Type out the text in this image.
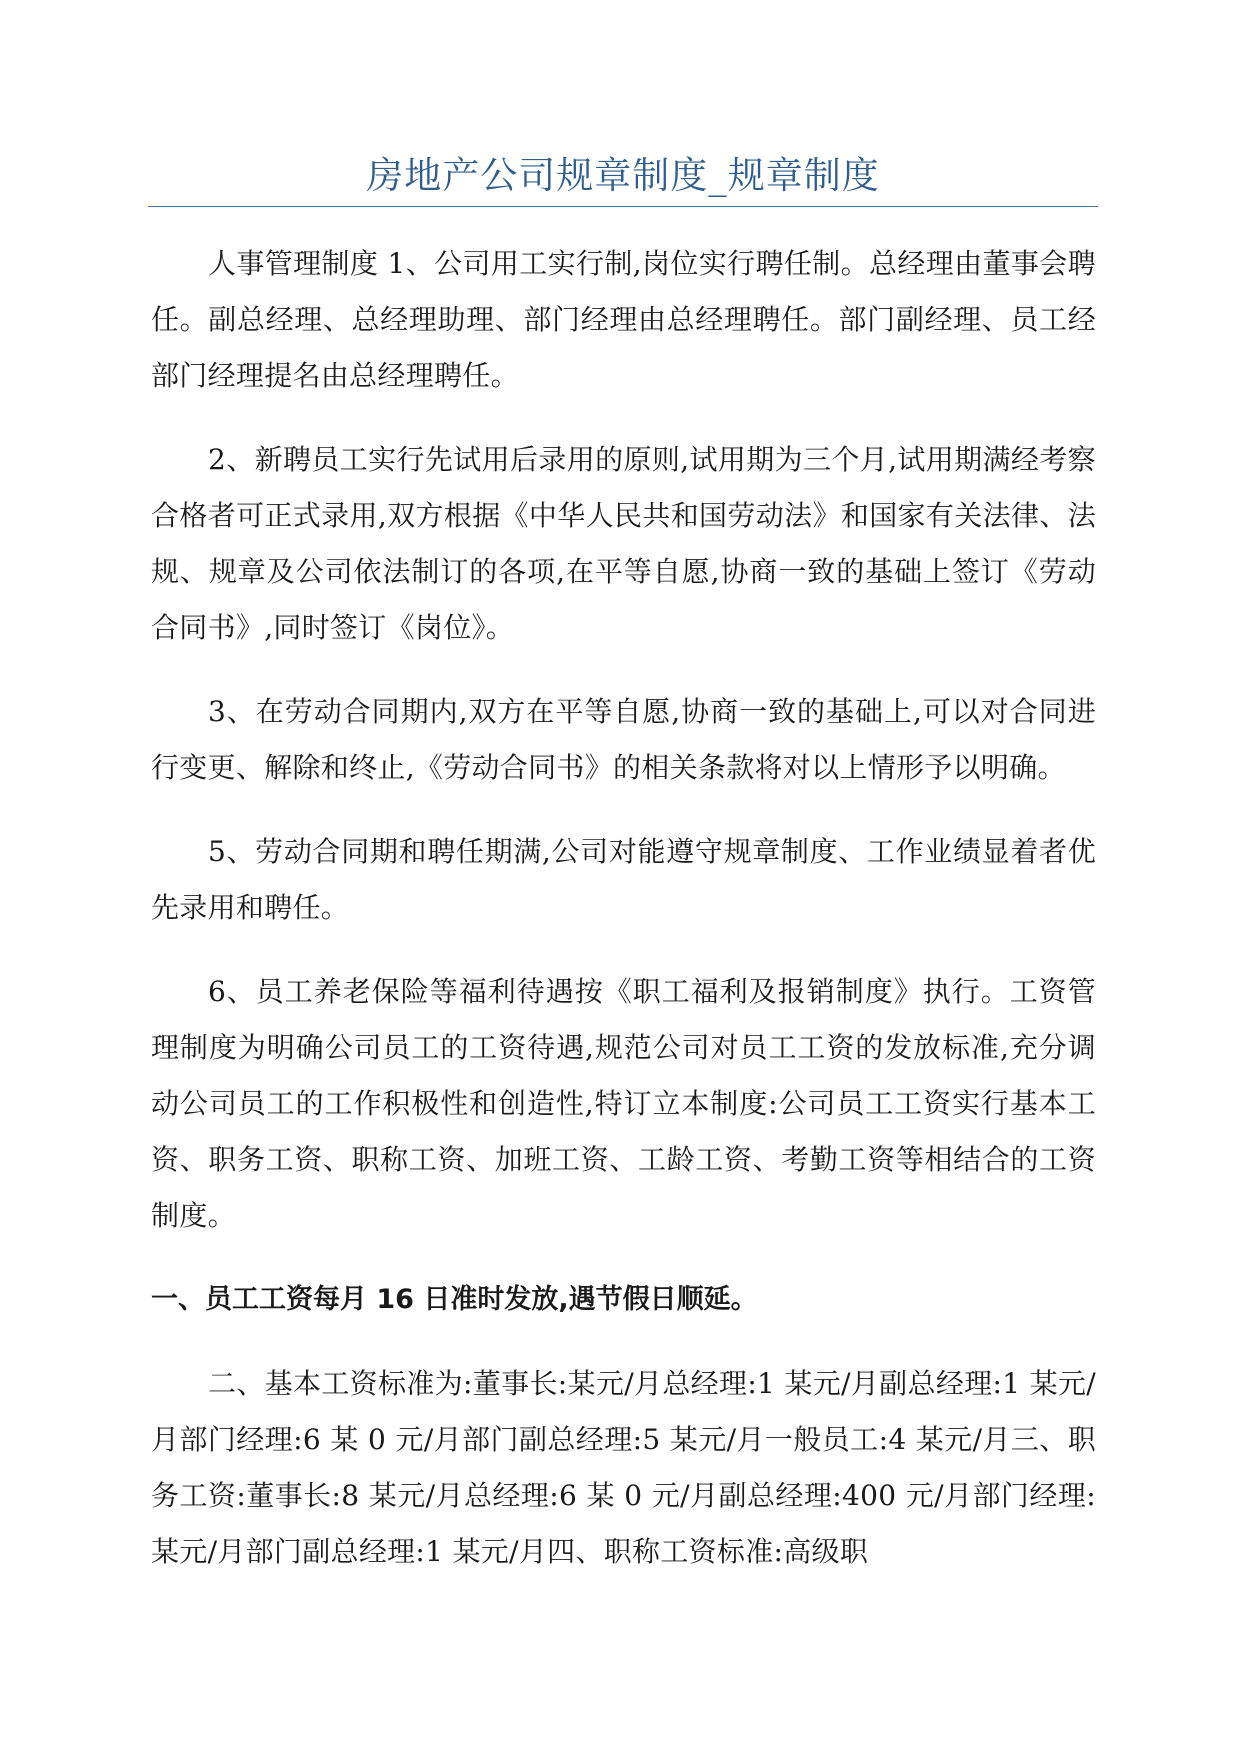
房地产公司规章制度_规章制度

人事管理制度 1、公司用工实行制,岗位实行聘任制。总经理由董事会聘任。副总经理、总经理助理、部门经理由总经理聘任。部门副经理、员工经部门经理提名由总经理聘任。

2、新聘员工实行先试用后录用的原则,试用期为三个月,试用期满经考察合格者可正式录用,双方根据《中华人民共和国劳动法》和国家有关法律、法规、规章及公司依法制订的各项,在平等自愿,协商一致的基础上签订《劳动合同书》,同时签订《岗位》。

3、在劳动合同期内,双方在平等自愿,协商一致的基础上,可以对合同进行变更、解除和终止,《劳动合同书》的相关条款将对以上情形予以明确。

5、劳动合同期和聘任期满,公司对能遵守规章制度、工作业绩显着者优先录用和聘任。

6、员工养老保险等福利待遇按《职工福利及报销制度》执行。工资管理制度为明确公司员工的工资待遇,规范公司对员工工资的发放标准,充分调动公司员工的工作积极性和创造性,特订立本制度:公司员工工资实行基本工资、职务工资、职称工资、加班工资、工龄工资、考勤工资等相结合的工资制度。

一、员工工资每月 16 日准时发放,遇节假日顺延。

二、基本工资标准为:董事长:某元/月总经理:1 某元/月副总经理:1 某元/月部门经理:6 某 0 元/月部门副总经理:5 某元/月一般员工:4 某元/月三、职务工资:董事长:8 某元/月总经理:6 某 0 元/月副总经理:400 元/月部门经理:某元/月部门副总经理:1 某元/月四、职称工资标准:高级职
